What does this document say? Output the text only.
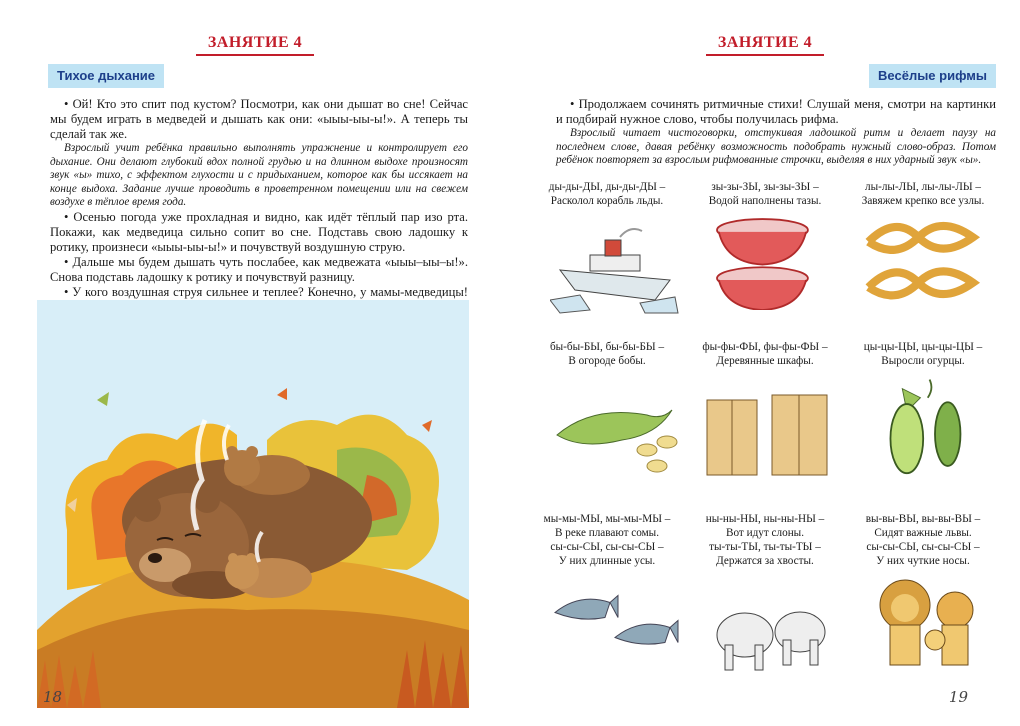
ЗАНЯТИЕ 4
Тихое дыхание

• Ой! Кто это спит под кустом? Посмотри, как они дышат во сне! Сейчас мы будем играть в медведей и дышать как они: «ыыы-ыы-ы!». А теперь ты сделай так же.

Взрослый учит ребёнка правильно выполнять упражнение и контролирует его дыхание. Они делают глубокий вдох полной грудью и на длинном выдохе произносят звук «ы» тихо, с эффектом глухости и с придыханием, которое как бы иссякает на конце выдоха. Задание лучше проводить в проветренном помещении или на свежем воздухе в тёплое время года.

• Осенью погода уже прохладная и видно, как идёт тёплый пар изо рта. Покажи, как медведица сильно сопит во сне. Подставь свою ладошку к ротику, произнеси «ыыы-ыы-ы!» и почувствуй воздушную струю.

• Дальше мы будем дышать чуть послабее, как медвежата «ыыы–ыы–ы!». Снова подставь ладошку к ротику и почувствуй разницу.

• У кого воздушная струя сильнее и теплее? Конечно, у мамы-медведицы!

•

18
ЗАНЯТИЕ 4
Весёлые рифмы

• Продолжаем сочинять ритмичные стихи! Слушай меня, смотри на картинки и подбирай нужное слово, чтобы получилась рифма.

Взрослый читает чистоговорки, отстукивая ладошкой ритм и делает паузу на последнем слове, давая ребёнку возможность подобрать нужный слово-образ. Потом ребёнок повторяет за взрослым рифмованные строчки, выделяя в них ударный звук «ы».

ды-ды-ДЫ, ды-ды-ДЫ –
Расколол корабль льды.
зы-зы-ЗЫ, зы-зы-ЗЫ –
Водой наполнены тазы.
лы-лы-ЛЫ, лы-лы-ЛЫ –
Завяжем крепко все узлы.
бы-бы-БЫ, бы-бы-БЫ –
В огороде бобы.
фы-фы-ФЫ, фы-фы-ФЫ –
Деревянные шкафы.
цы-цы-ЦЫ, цы-цы-ЦЫ –
Выросли огурцы.
мы-мы-МЫ, мы-мы-МЫ –
В реке плавают сомы.
сы-сы-СЫ, сы-сы-СЫ –
У них длинные усы.
ны-ны-НЫ, ны-ны-НЫ –
Вот идут слоны.
ты-ты-ТЫ, ты-ты-ТЫ –
Держатся за хвосты.
вы-вы-ВЫ, вы-вы-ВЫ –
Сидят важные львы.
сы-сы-СЫ, сы-сы-СЫ –
У них чуткие носы.
19
